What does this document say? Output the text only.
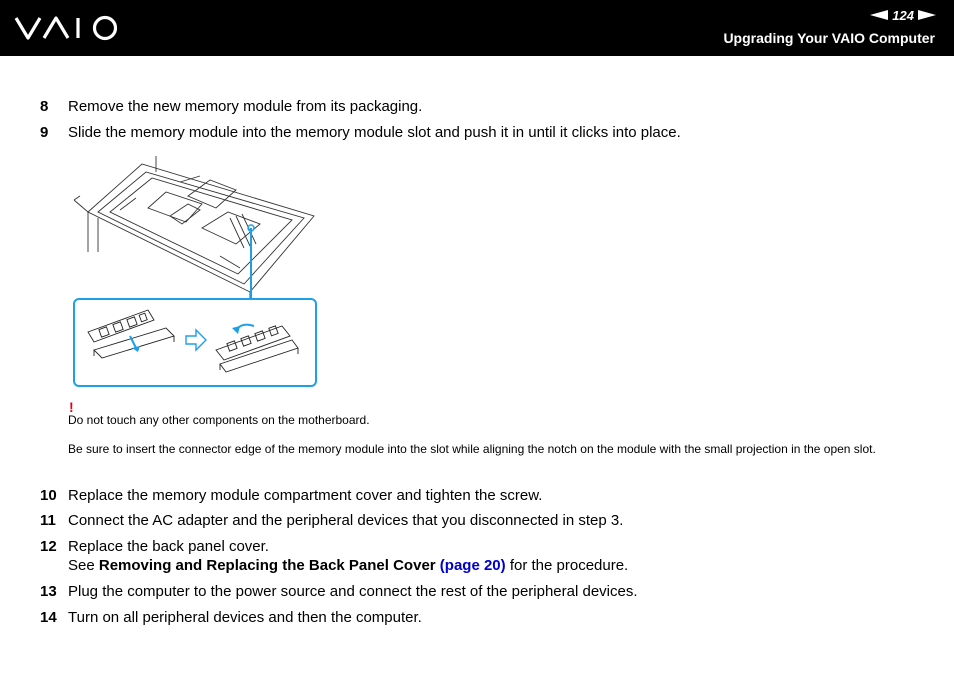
124
Upgrading Your VAIO Computer
8 Remove the new memory module from its packaging.
9 Slide the memory module into the memory module slot and push it in until it clicks into place.
!
Do not touch any other components on the motherboard.
Be sure to insert the connector edge of the memory module into the slot while aligning the notch on the module with the small projection in the open slot.
10 Replace the memory module compartment cover and tighten the screw.
11 Connect the AC adapter and the peripheral devices that you disconnected in step 3.
12 Replace the back panel cover.
See Removing and Replacing the Back Panel Cover (page 20) for the procedure.
13 Plug the computer to the power source and connect the rest of the peripheral devices.
14 Turn on all peripheral devices and then the computer.
